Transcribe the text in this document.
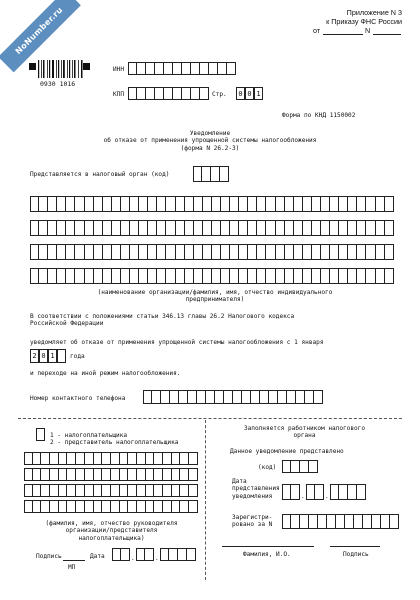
NoNumber.ru	Приложение N 3
к Приказу ФНС России
от	N
0930 1016
ИНН
КПП	Стр.	0 0 1
Форма по КНД 1150002
Уведомление
об отказе от применения упрощенной системы налогообложения
(форма N 26.2-3)
Представляется в налоговый орган (код)
(наименование организации/фамилия, имя, отчество индивидуального
предпринимателя)
В соответствии с положениями статьи 346.13 главы 26.2 Налогового кодекса
Российской Федерации
уведомляет об отказе от применения упрощенной системы налогообложения с 1 января
2 0 1	года
и переходе на иной режим налогообложения.
Номер контактного телефона
1 - налогоплательщика
2 - представитель налогоплательщика
(фамилия, имя, отчество руководителя
организации/представителя
налогоплательщика)
Подпись	Дата	.	.
МП
Заполняется работником налогового
органа
Данное уведомление представлено
(код)
Дата
представления
уведомления	.	.
Зарегистри-
ровано за N
Фамилия, И.О.	Подпись
